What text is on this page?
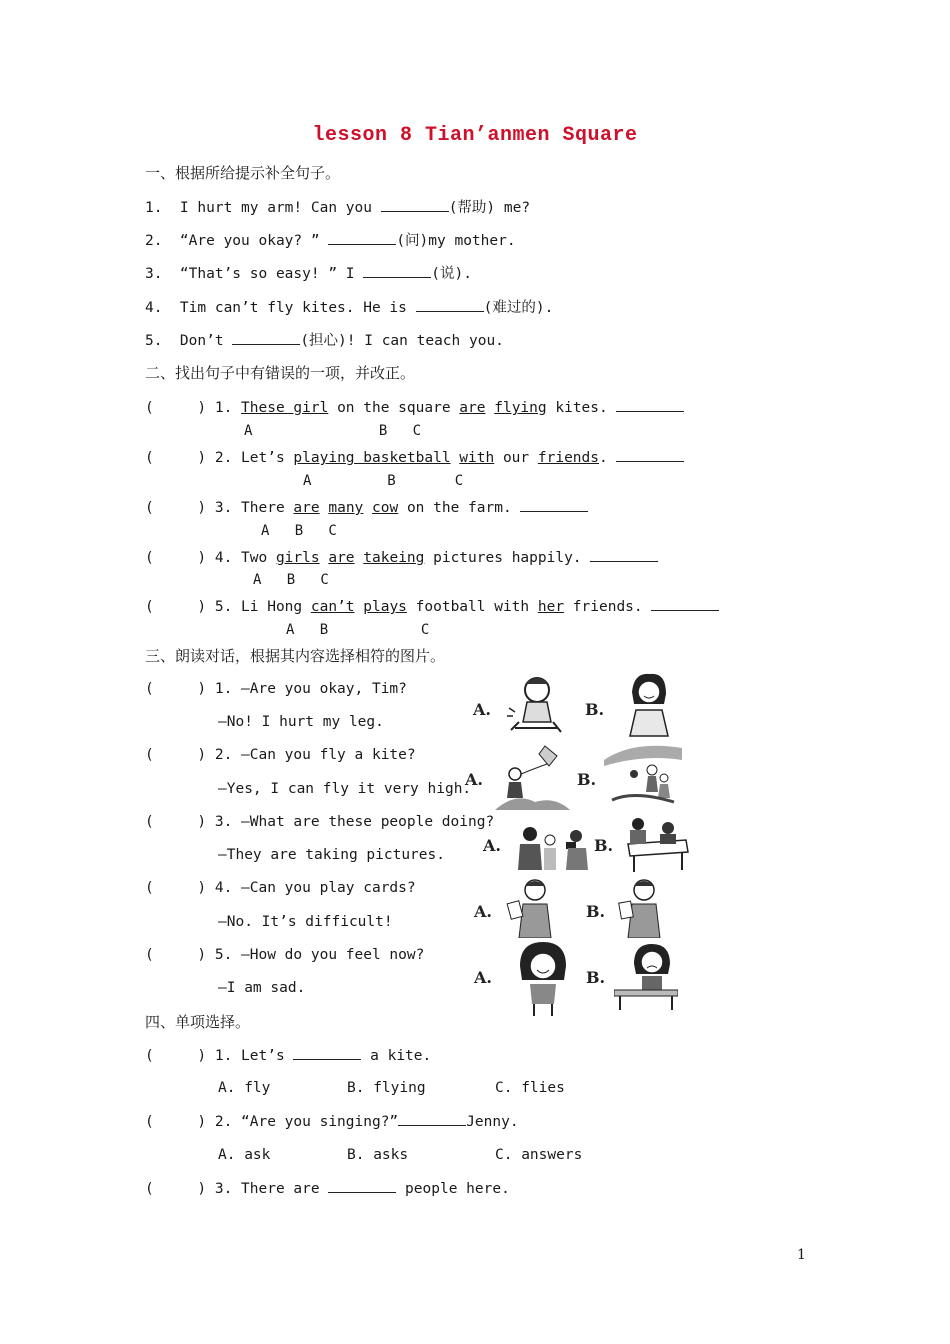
lesson 8 Tian’anmen Square
一、根据所给提示补全句子。
1.  I hurt my arm! Can you	(帮助) me?
2.  “Are you okay? ”	(问)my mother.
3.  “That’s so easy! ” I	(说).
4.  Tim can’t fly kites. He is	(难过的).
5.  Don’t	(担心)! I can teach you.
二、找出句子中有错误的一项，并改正。
(     ) 1. These girl on the square are flying kites.
A               B   C
(     ) 2. Let’s playing basketball with our friends.
A         B       C
(     ) 3. There are many cow on the farm.
A   B   C
(     ) 4. Two girls are takeing pictures happily.
A   B   C
(     ) 5. Li Hong can’t plays football with her friends.
A   B           C
三、朗读对话，根据其内容选择相符的图片。
(     ) 1. —Are you okay, Tim?
—No! I hurt my leg.
(     ) 2. —Can you fly a kite?
—Yes, I can fly it very high.
(     ) 3. —What are these people doing?
—They are taking pictures.
(     ) 4. —Can you play cards?
—No. It’s difficult!
(     ) 5. —How do you feel now?
—I am sad.
A.	B.
A.	B.
A.	B.
A.	B.
A.	B.
四、单项选择。
(     ) 1. Let’s	a kite.
A. fly	B. flying	C. flies
(     ) 2. “Are you singing?”	Jenny.
A. ask	B. asks	C. answers
(     ) 3. There are	people here.
1
